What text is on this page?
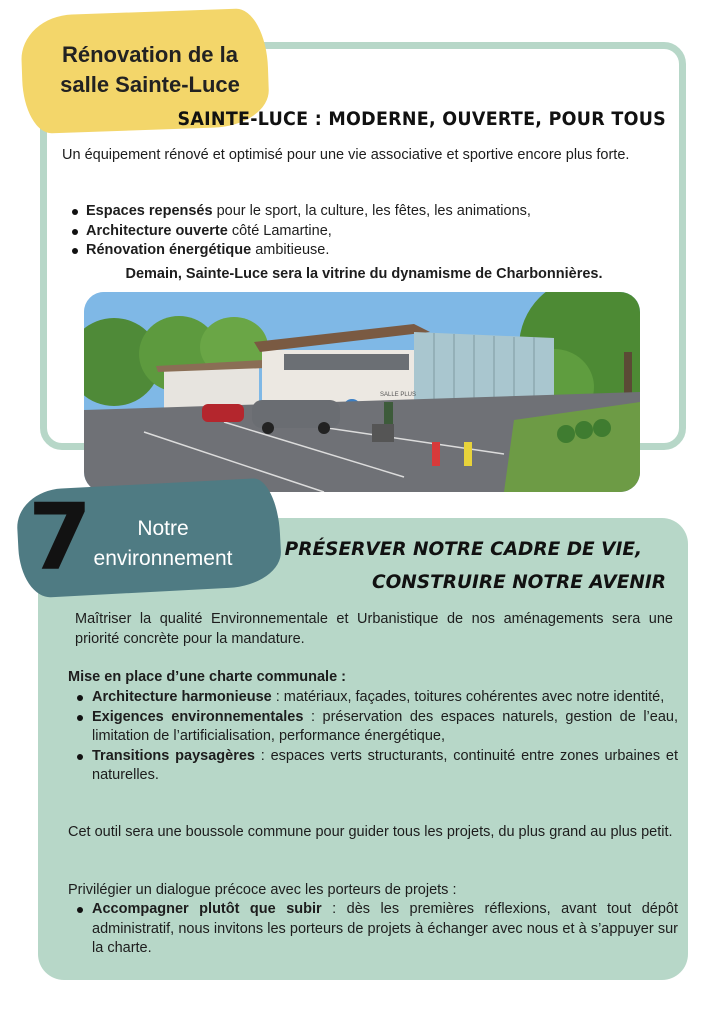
Rénovation de la salle Sainte-Luce
SAINTE-LUCE : MODERNE, OUVERTE, POUR TOUS

Un équipement rénové et optimisé pour une vie associative et sportive encore plus forte.

Espaces repensés pour le sport, la culture, les fêtes, les animations,
Architecture ouverte côté Lamartine,
Rénovation énergétique ambitieuse.

Demain, Sainte-Luce sera la vitrine du dynamisme de Charbonnières.

SALLE PLUS
7	Notre environnement	PRÉSERVER NOTRE CADRE DE VIE,
CONSTRUIRE NOTRE AVENIR

Maîtriser la qualité Environnementale et Urbanistique de nos aménagements sera une priorité concrète pour la mandature.

Mise en place d’une charte communale :

Architecture harmonieuse : matériaux, façades, toitures cohérentes avec notre identité,
Exigences environnementales : préservation des espaces naturels, gestion de l’eau, limitation de l’artificialisation, performance énergétique,
Transitions paysagères : espaces verts structurants, continuité entre zones urbaines et naturelles.

Cet outil sera une boussole commune pour guider tous les projets, du plus grand au plus petit.

Privilégier un dialogue précoce avec les porteurs de projets :

Accompagner plutôt que subir : dès les premières réflexions, avant tout dépôt administratif, nous invitons les porteurs de projets à échanger avec nous et à s’appuyer sur la charte.
